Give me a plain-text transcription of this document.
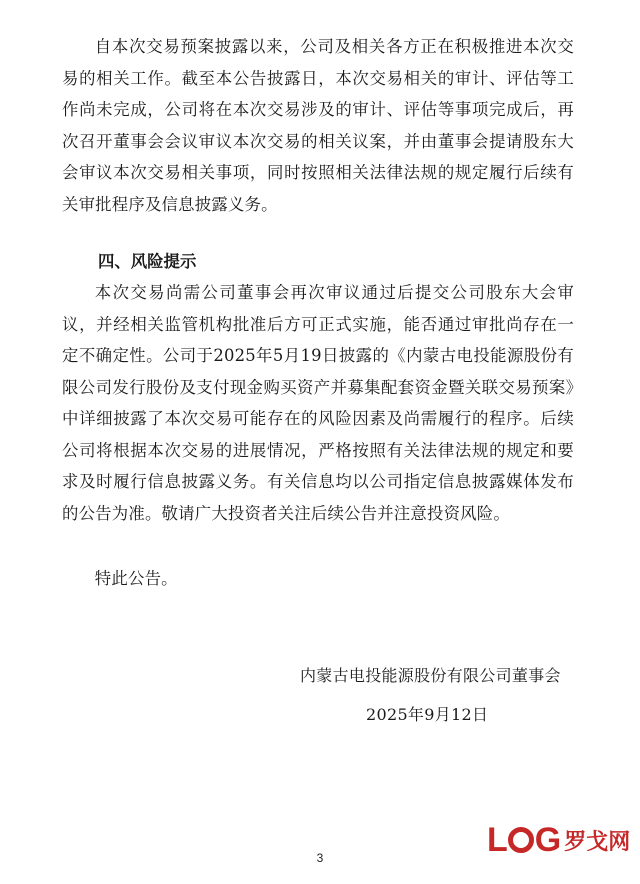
自本次交易预案披露以来，公司及相关各方正在积极推进本次交易的相关工作。截至本公告披露日，本次交易相关的审计、评估等工作尚未完成，公司将在本次交易涉及的审计、评估等事项完成后，再次召开董事会会议审议本次交易的相关议案，并由董事会提请股东大会审议本次交易相关事项，同时按照相关法律法规的规定履行后续有关审批程序及信息披露义务。

四、风险提示

本次交易尚需公司董事会再次审议通过后提交公司股东大会审议，并经相关监管机构批准后方可正式实施，能否通过审批尚存在一定不确定性。公司于2025年5月19日披露的《内蒙古电投能源股份有限公司发行股份及支付现金购买资产并募集配套资金暨关联交易预案》中详细披露了本次交易可能存在的风险因素及尚需履行的程序。后续公司将根据本次交易的进展情况，严格按照有关法律法规的规定和要求及时履行信息披露义务。有关信息均以公司指定信息披露媒体发布的公告为准。敬请广大投资者关注后续公告并注意投资风险。

特此公告。

内蒙古电投能源股份有限公司董事会
2025年9月12日
3	L G 罗戈网
